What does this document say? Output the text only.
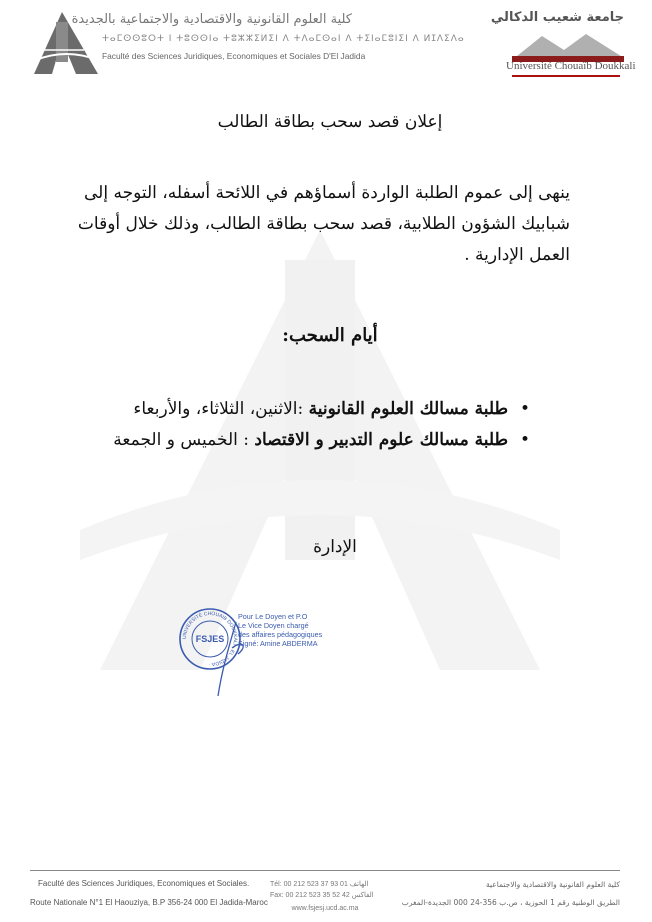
كلية العلوم القانونية والاقتصادية والاجتماعية بالجديدة
ⵜⴰⵎⵙⵙⵓⵔⵜ ⵏ ⵜⵓⵙⵙⵏⴰ ⵜⵓⵣⵣⵉⵍⵉⵏ ⴷ ⵜⴷⴰⵎⵙⴰⵏ ⴷ ⵜⵉⵏⴰⵎⵓⵏⵉⵏ ⴷ ⵍⵊⴷⵉⴷⴰ
Faculté des Sciences Juridiques, Economiques et Sociales D'El Jadida
جامعة شعيب الدكالي
Université Chouaïb Doukkali
إعلان قصد سحب بطاقة الطالب
ينهى إلى عموم الطلبة الواردة أسماؤهم في اللائحة أسفله، التوجه إلى شبابيك الشؤون الطلابية، قصد سحب بطاقة الطالب، وذلك خلال أوقات العمل الإدارية .
أيام السحب:
•
طلبة مسالك العلوم القانونية :الاثنين، الثلاثاء، والأربعاء
•
طلبة مسالك علوم التدبير و الاقتصاد : الخميس و الجمعة
الإدارة
UNIVERSITÉ CHOUAIB DOUKKALI · EL JADIDA ·
FSJES
Pour Le Doyen et P.O
Le Vice Doyen chargé
des affaires pédagogiques
Signé: Amine ABDERMA
Faculté des Sciences Juridiques, Economiques et Sociales.
Route Nationale N°1 El Haouziya, B.P 356-24 000 El Jadida-Maroc
Tél: 00 212 523 37 93 01 الهاتف
Fax: 00 212 523 35 52 42 الفاكس
www.fsjesj.ucd.ac.ma
كلية العلوم القانونية والاقتصادية والاجتماعية
الطريق الوطنية رقم 1 الحوزية ، ص.ب 356-24 000 الجديدة-المغرب
